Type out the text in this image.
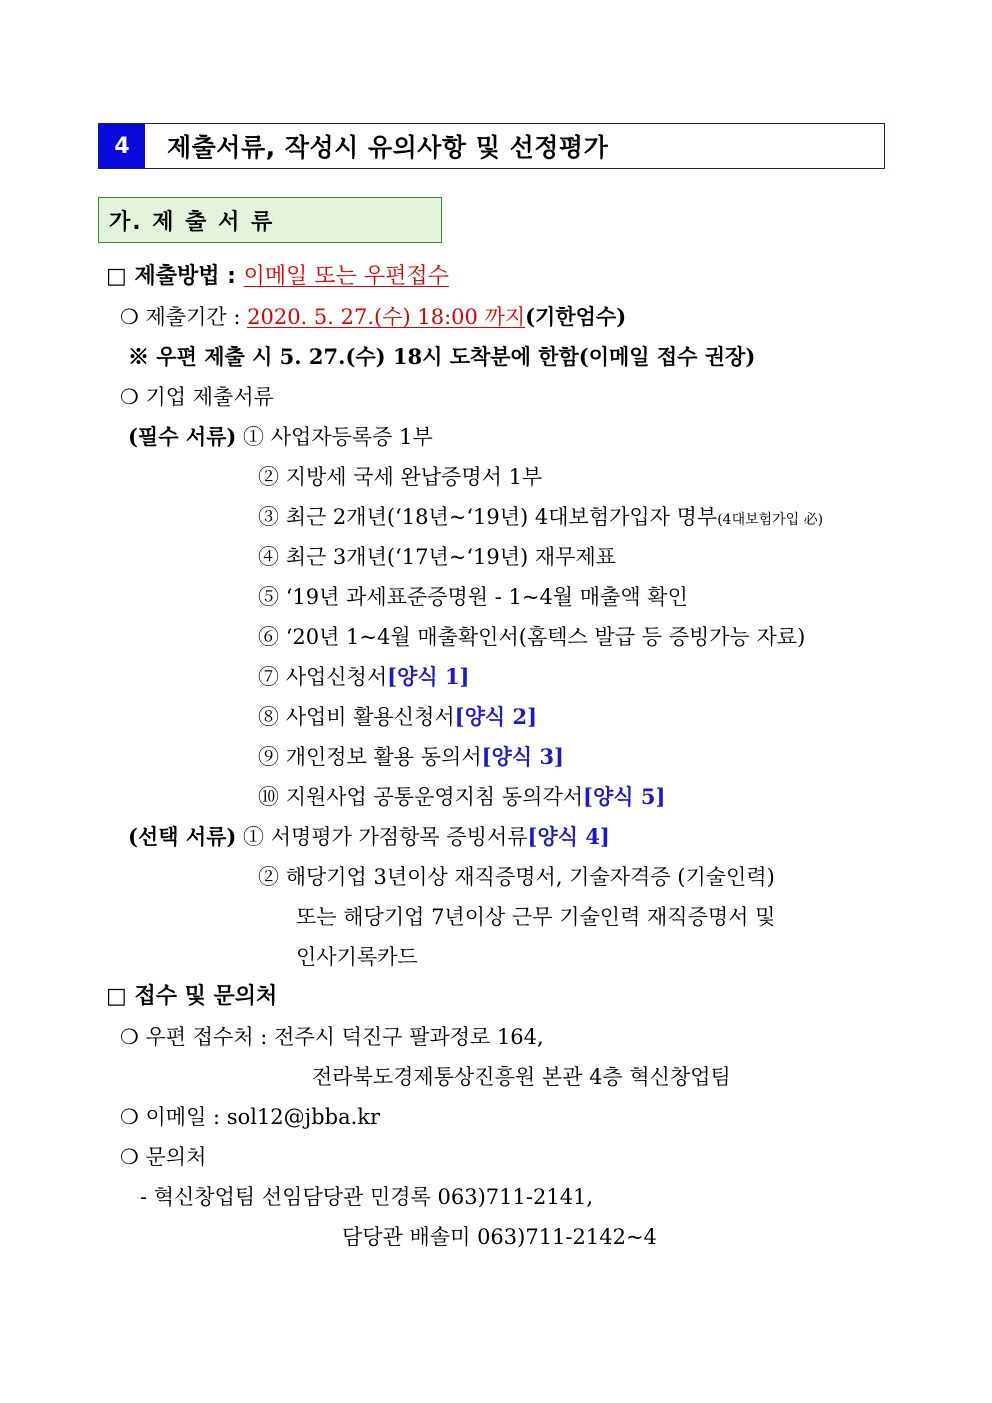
4	제출서류, 작성시 유의사항 및 선정평가
가. 제 출 서 류
□ 제출방법 : 이메일 또는 우편접수
❍ 제출기간 : 2020. 5. 27.(수) 18:00 까지(기한엄수)
※ 우편 제출 시 5. 27.(수) 18시 도착분에 한함(이메일 접수 권장)
❍ 기업 제출서류
(필수 서류) ① 사업자등록증 1부
② 지방세 국세 완납증명서 1부
③ 최근 2개년(‘18년~‘19년) 4대보험가입자 명부(4대보험가입 必)
④ 최근 3개년(‘17년~‘19년) 재무제표
⑤ ‘19년 과세표준증명원 - 1~4월 매출액 확인
⑥ ‘20년 1~4월 매출확인서(홈텍스 발급 등 증빙가능 자료)
⑦ 사업신청서[양식 1]
⑧ 사업비 활용신청서[양식 2]
⑨ 개인정보 활용 동의서[양식 3]
⑩ 지원사업 공통운영지침 동의각서[양식 5]
(선택 서류) ① 서명평가 가점항목 증빙서류[양식 4]
② 해당기업 3년이상 재직증명서, 기술자격증 (기술인력)
또는 해당기업 7년이상 근무 기술인력 재직증명서 및
인사기록카드
□ 접수 및 문의처
❍ 우편 접수처 : 전주시 덕진구 팔과정로 164,
전라북도경제통상진흥원 본관 4층 혁신창업팀
❍ 이메일 : sol12@jbba.kr
❍ 문의처
- 혁신창업팀 선임담당관 민경록 063)711-2141,
담당관 배솔미 063)711-2142~4
